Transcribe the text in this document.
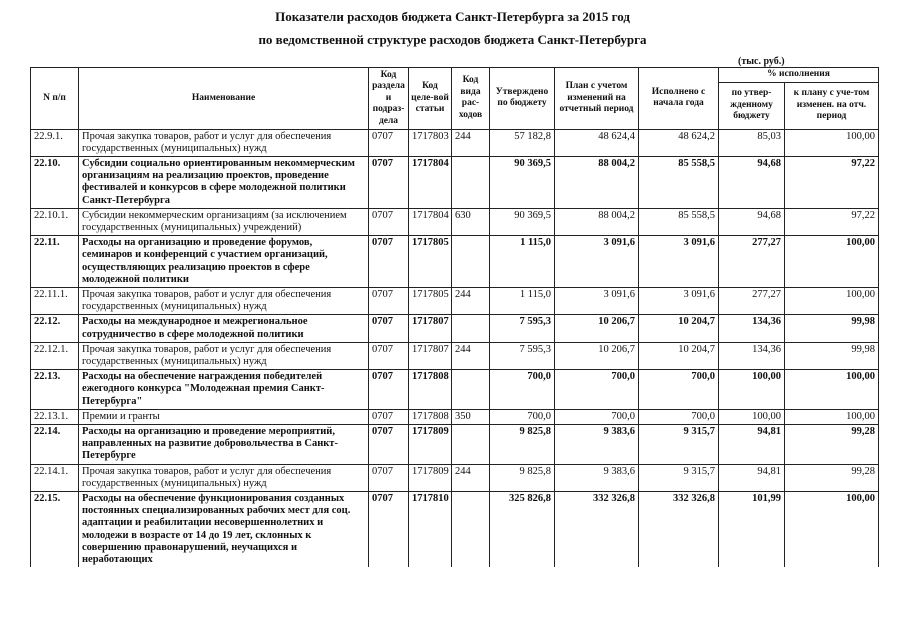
Показатели расходов бюджета Санкт-Петербурга за 2015 год
по ведомственной структуре расходов бюджета Санкт-Петербурга
(тыс. руб.)
N п/п	Наименование	Код раздела и подраз-дела	Код целе-вой статьи	Код вида рас-ходов	Утверждено по бюджету	План с учетом изменений на отчетный период	Исполнено с начала года	% исполнения	
								по утвер-жденному бюджету	к плану с уче-том изменен. на отч. период
22.9.1.	Прочая закупка товаров, работ и услуг для обеспечения государственных (муниципальных) нужд	0707	1717803	244	57 182,8	48 624,4	48 624,2	85,03	100,00
22.10.	Субсидии социально ориентированным некоммерческим организациям на реализацию проектов, проведение фестивалей и конкурсов в сфере молодежной политики Санкт-Петербурга	0707	1717804		90 369,5	88 004,2	85 558,5	94,68	97,22
22.10.1.	Субсидии некоммерческим организациям (за исключением государственных (муниципальных) учреждений)	0707	1717804	630	90 369,5	88 004,2	85 558,5	94,68	97,22
22.11.	Расходы на организацию и проведение форумов, семинаров и конференций с участием организаций, осуществляющих реализацию проектов в сфере молодежной политики	0707	1717805		1 115,0	3 091,6	3 091,6	277,27	100,00
22.11.1.	Прочая закупка товаров, работ и услуг для обеспечения государственных (муниципальных) нужд	0707	1717805	244	1 115,0	3 091,6	3 091,6	277,27	100,00
22.12.	Расходы на международное и межрегиональное сотрудничество в сфере молодежной политики	0707	1717807		7 595,3	10 206,7	10 204,7	134,36	99,98
22.12.1.	Прочая закупка товаров, работ и услуг для обеспечения государственных (муниципальных) нужд	0707	1717807	244	7 595,3	10 206,7	10 204,7	134,36	99,98
22.13.	Расходы на обеспечение награждения победителей ежегодного конкурса "Молодежная премия Санкт-Петербурга"	0707	1717808		700,0	700,0	700,0	100,00	100,00
22.13.1.	Премии и гранты	0707	1717808	350	700,0	700,0	700,0	100,00	100,00
22.14.	Расходы на организацию и проведение мероприятий, направленных на развитие добровольчества в Санкт-Петербурге	0707	1717809		9 825,8	9 383,6	9 315,7	94,81	99,28
22.14.1.	Прочая закупка товаров, работ и услуг для обеспечения государственных (муниципальных) нужд	0707	1717809	244	9 825,8	9 383,6	9 315,7	94,81	99,28
22.15.	Расходы на обеспечение функционирования созданных постоянных специализированных рабочих мест для соц. адаптации и реабилитации несовершеннолетних и молодежи в возрасте от 14 до 19 лет, склонных к совершению правонарушений, неучащихся и неработающих	0707	1717810		325 826,8	332 326,8	332 326,8	101,99	100,00
